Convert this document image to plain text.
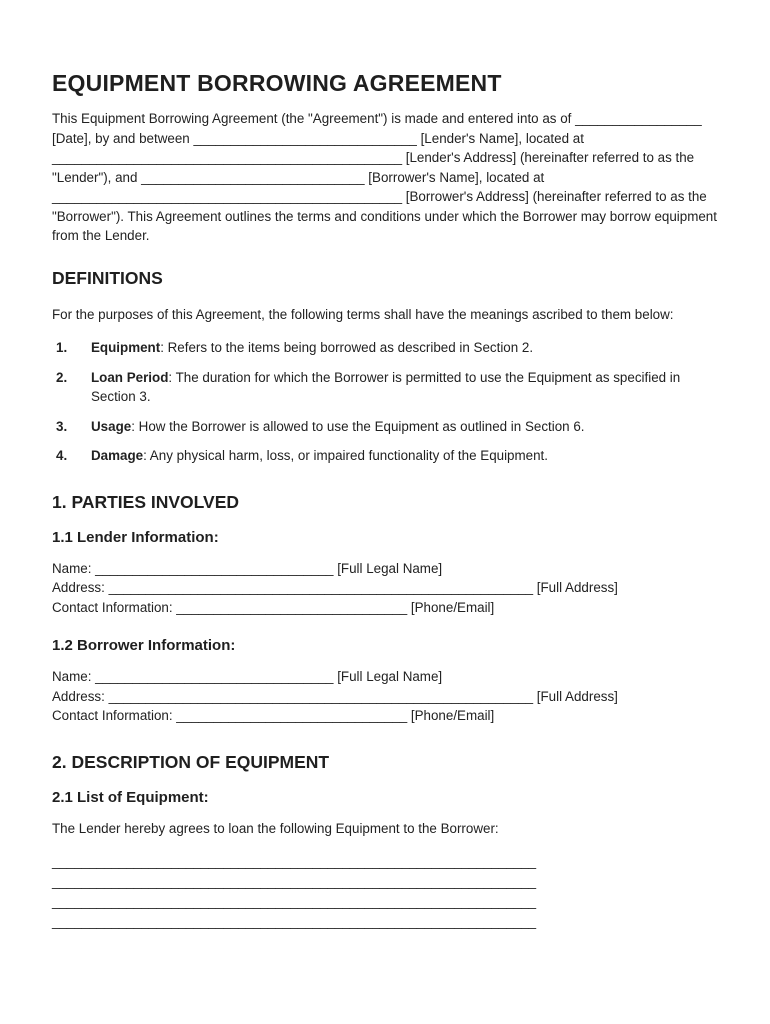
EQUIPMENT BORROWING AGREEMENT

This Equipment Borrowing Agreement (the "Agreement") is made and entered into as of _________________ [Date], by and between ______________________________ [Lender's Name], located at _______________________________________________ [Lender's Address] (hereinafter referred to as the "Lender"), and ______________________________ [Borrower's Name], located at _______________________________________________ [Borrower's Address] (hereinafter referred to as the "Borrower"). This Agreement outlines the terms and conditions under which the Borrower may borrow equipment from the Lender.

DEFINITIONS

For the purposes of this Agreement, the following terms shall have the meanings ascribed to them below:

1. Equipment: Refers to the items being borrowed as described in Section 2.
2. Loan Period: The duration for which the Borrower is permitted to use the Equipment as specified in Section 3.
3. Usage: How the Borrower is allowed to use the Equipment as outlined in Section 6.
4. Damage: Any physical harm, loss, or impaired functionality of the Equipment.
1. PARTIES INVOLVED
1.1 Lender Information:
Name: ________________________________ [Full Legal Name]
Address: _________________________________________________________ [Full Address]
Contact Information: _______________________________ [Phone/Email]
1.2 Borrower Information:
Name: ________________________________ [Full Legal Name]
Address: _________________________________________________________ [Full Address]
Contact Information: _______________________________ [Phone/Email]
2. DESCRIPTION OF EQUIPMENT
2.1 List of Equipment:

The Lender hereby agrees to loan the following Equipment to the Borrower:

_________________________________________________________________
_________________________________________________________________
_________________________________________________________________
_________________________________________________________________
